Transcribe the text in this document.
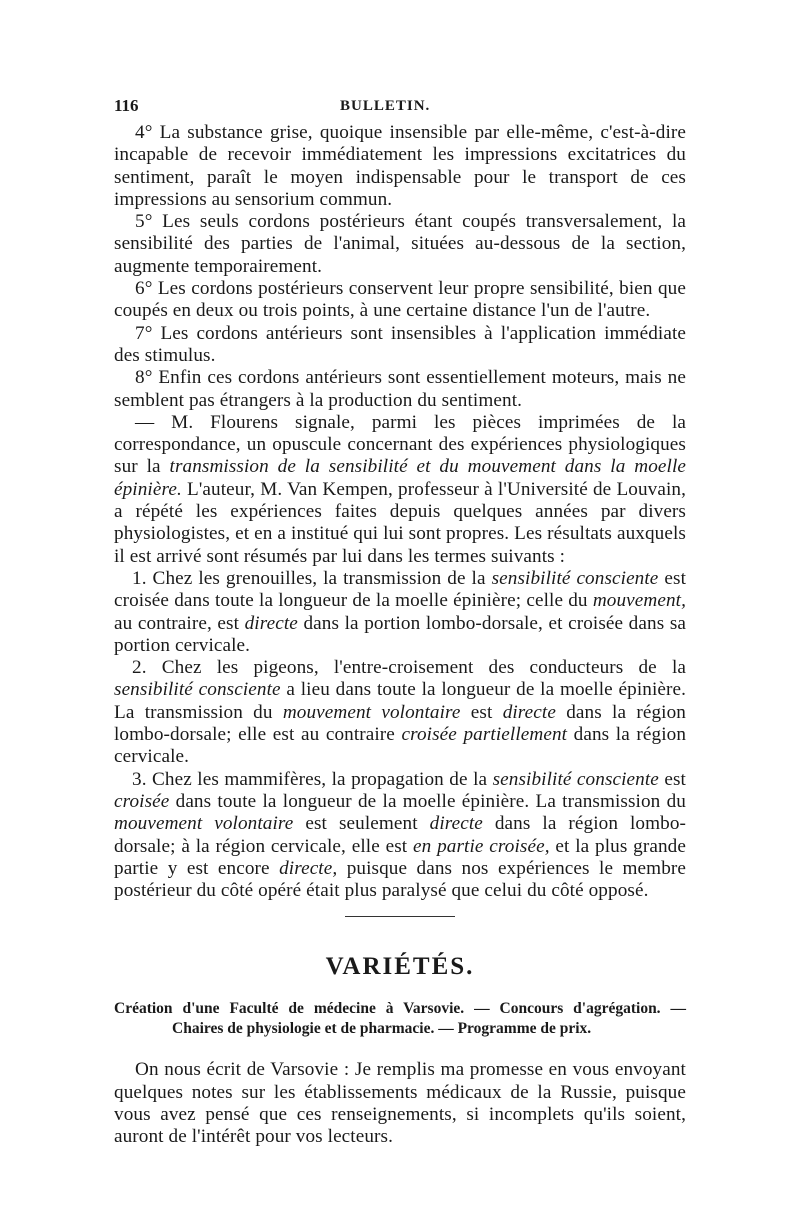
116	BULLETIN.

4° La substance grise, quoique insensible par elle-même, c'est-à-dire incapable de recevoir immédiatement les impressions excitatrices du sentiment, paraît le moyen indispensable pour le transport de ces impressions au sensorium commun.

5° Les seuls cordons postérieurs étant coupés transversalement, la sensibilité des parties de l'animal, situées au-dessous de la section, augmente temporairement.

6° Les cordons postérieurs conservent leur propre sensibilité, bien que coupés en deux ou trois points, à une certaine distance l'un de l'autre.

7° Les cordons antérieurs sont insensibles à l'application immédiate des stimulus.

8° Enfin ces cordons antérieurs sont essentiellement moteurs, mais ne semblent pas étrangers à la production du sentiment.

— M. Flourens signale, parmi les pièces imprimées de la correspondance, un opuscule concernant des expériences physiologiques sur la transmission de la sensibilité et du mouvement dans la moelle épinière. L'auteur, M. Van Kempen, professeur à l'Université de Louvain, a répété les expériences faites depuis quelques années par divers physiologistes, et en a institué qui lui sont propres. Les résultats auxquels il est arrivé sont résumés par lui dans les termes suivants :

1. Chez les grenouilles, la transmission de la sensibilité consciente est croisée dans toute la longueur de la moelle épinière; celle du mouvement, au contraire, est directe dans la portion lombo-dorsale, et croisée dans sa portion cervicale.

2. Chez les pigeons, l'entre-croisement des conducteurs de la sensibilité consciente a lieu dans toute la longueur de la moelle épinière. La transmission du mouvement volontaire est directe dans la région lombo-dorsale; elle est au contraire croisée partiellement dans la région cervicale.

3. Chez les mammifères, la propagation de la sensibilité consciente est croisée dans toute la longueur de la moelle épinière. La transmission du mouvement volontaire est seulement directe dans la région lombo-dorsale; à la région cervicale, elle est en partie croisée, et la plus grande partie y est encore directe, puisque dans nos expériences le membre postérieur du côté opéré était plus paralysé que celui du côté opposé.

VARIÉTÉS.
Création d'une Faculté de médecine à Varsovie. — Concours d'agrégation. —
Chaires de physiologie et de pharmacie. — Programme de prix.

On nous écrit de Varsovie : Je remplis ma promesse en vous envoyant quelques notes sur les établissements médicaux de la Russie, puisque vous avez pensé que ces renseignements, si incomplets qu'ils soient, auront de l'intérêt pour vos lecteurs.
